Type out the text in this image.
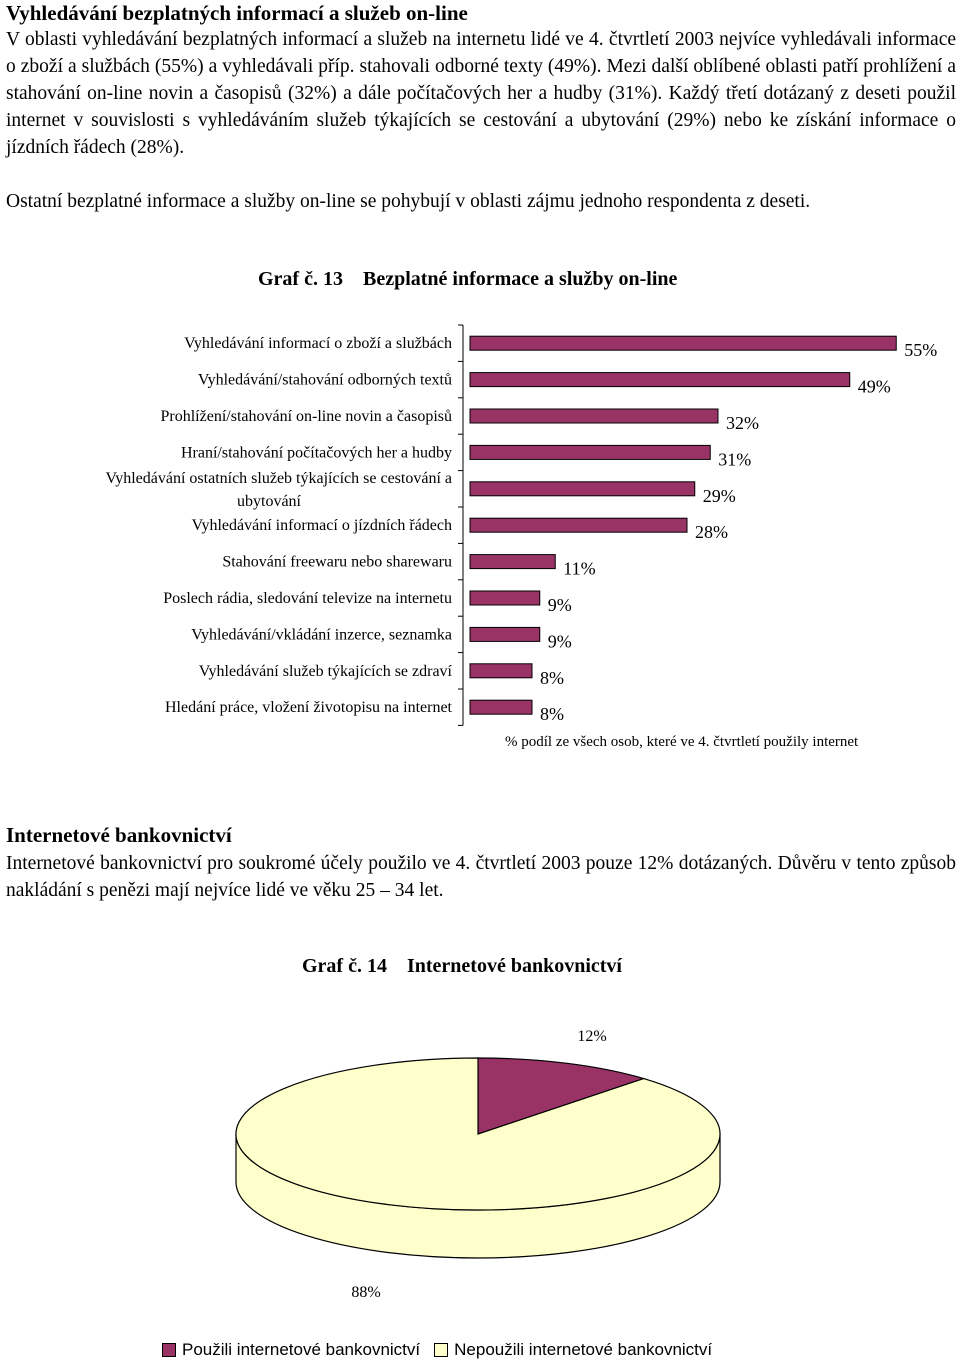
Vyhledávání bezplatných informací a služeb on-line

V oblasti vyhledávání bezplatných informací a služeb na internetu lidé ve 4. čtvrtletí 2003 nejvíce vyhledávali informace o zboží a službách (55%) a vyhledávali příp. stahovali odborné texty (49%). Mezi další oblíbené oblasti patří prohlížení a stahování on-line novin a časopisů (32%) a dále počítačových her a hudby (31%). Každý třetí dotázaný z deseti použil internet v souvislosti s vyhledáváním služeb týkajících se cestování a ubytování (29%) nebo ke získání informace o jízdních řádech (28%).

Ostatní bezplatné informace a služby on-line se pohybují v oblasti zájmu jednoho respondenta z deseti.

Graf č. 13 Bezplatné informace a služby on-line
Vyhledávání informací o zboží a službách	55%
Vyhledávání/stahování odborných textů	49%
Prohlížení/stahování on-line novin a časopisů	32%
Hraní/stahování počítačových her a hudby	31%
Vyhledávání ostatních služeb týkajících se cestování a ubytování	29%
Vyhledávání informací o jízdních řádech	28%
Stahování freewaru nebo sharewaru	11%
Poslech rádia, sledování televize na internetu	9%
Vyhledávání/vkládání inzerce, seznamka	9%
Vyhledávání služeb týkajících se zdraví	8%
Hledání práce, vložení životopisu na internet	8%
% podíl ze všech osob, které ve 4. čtvrtletí použily internet
Internetové bankovnictví

Internetové bankovnictví pro soukromé účely použilo ve 4. čtvrtletí 2003 pouze 12% dotázaných. Důvěru v tento způsob nakládání s penězi mají nejvíce lidé ve věku 25 – 34 let.

Graf č. 14 Internetové bankovnictví
12%
88%
Použili internetové bankovnictví Nepoužili internetové bankovnictví
